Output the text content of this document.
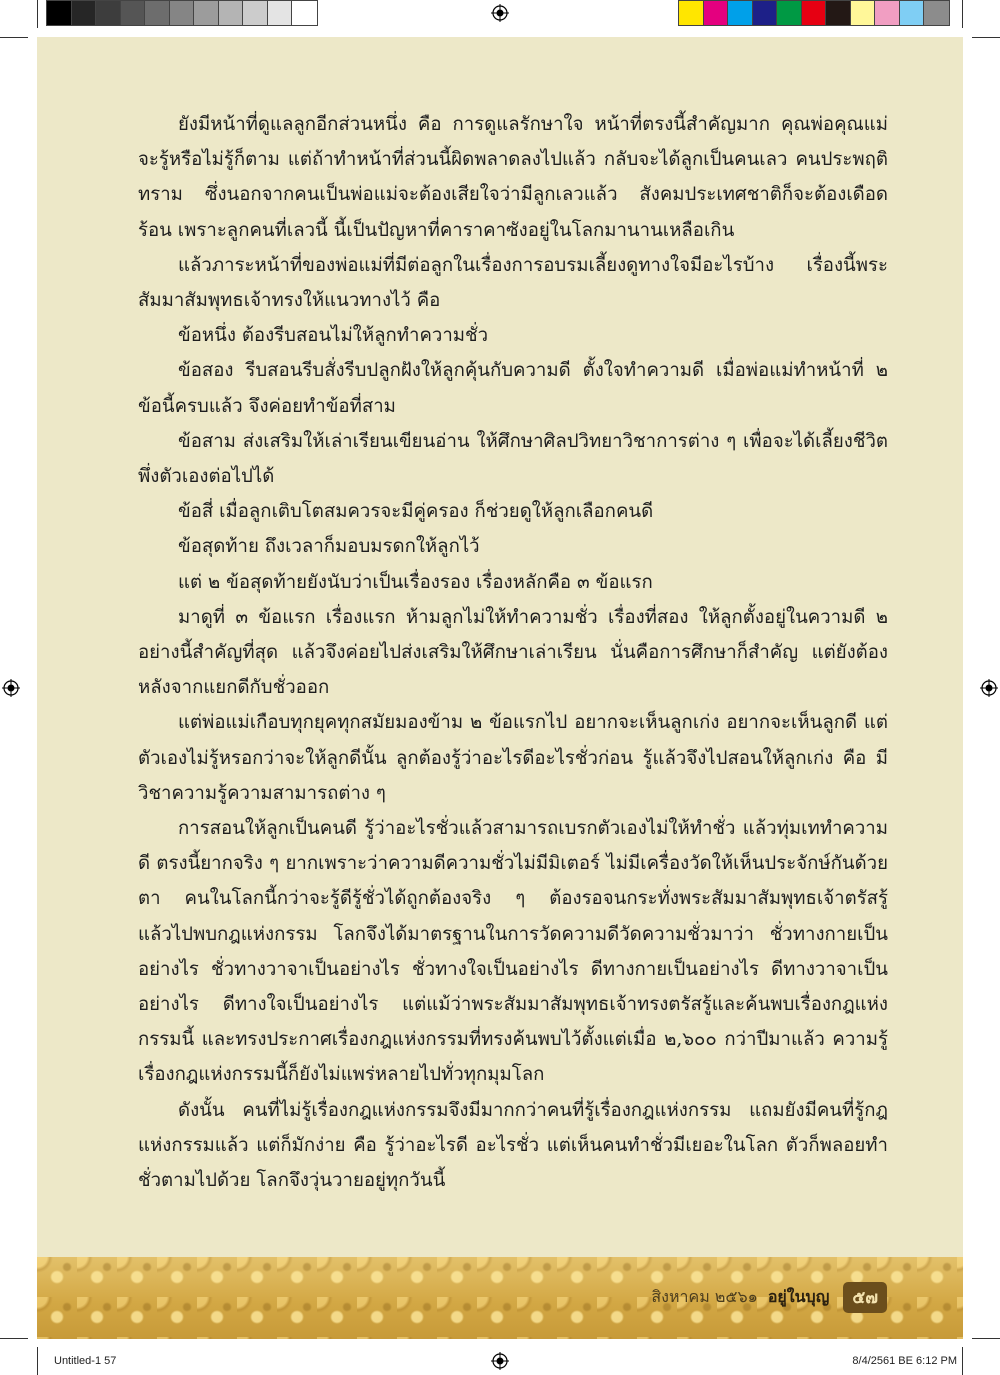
ยังมีหน้าที่ดูแลลูกอีกส่วนหนึ่ง คือ การดูแลรักษาใจ หน้าที่ตรงนี้สำคัญมาก คุณพ่อคุณแม่จะรู้หรือไม่รู้ก็ตาม แต่ถ้าทำหน้าที่ส่วนนี้ผิดพลาดลงไปแล้ว กลับจะได้ลูกเป็นคนเลว คนประพฤติทราม ซึ่งนอกจากคนเป็นพ่อแม่จะต้องเสียใจว่ามีลูกเลวแล้ว สังคมประเทศชาติก็จะต้องเดือดร้อน เพราะลูกคนที่เลวนี้ นี้เป็นปัญหาที่คาราคาซังอยู่ในโลกมานานเหลือเกิน

แล้วภาระหน้าที่ของพ่อแม่ที่มีต่อลูกในเรื่องการอบรมเลี้ยงดูทางใจมีอะไรบ้าง เรื่องนี้พระสัมมาสัมพุทธเจ้าทรงให้แนวทางไว้ คือ

ข้อหนึ่ง ต้องรีบสอนไม่ให้ลูกทำความชั่ว

ข้อสอง รีบสอนรีบสั่งรีบปลูกฝังให้ลูกคุ้นกับความดี ตั้งใจทำความดี เมื่อพ่อแม่ทำหน้าที่ ๒ ข้อนี้ครบแล้ว จึงค่อยทำข้อที่สาม

ข้อสาม ส่งเสริมให้เล่าเรียนเขียนอ่าน ให้ศึกษาศิลปวิทยาวิชาการต่าง ๆ เพื่อจะได้เลี้ยงชีวิตพึ่งตัวเองต่อไปได้

ข้อสี่ เมื่อลูกเติบโตสมควรจะมีคู่ครอง ก็ช่วยดูให้ลูกเลือกคนดี

ข้อสุดท้าย ถึงเวลาก็มอบมรดกให้ลูกไว้

แต่ ๒ ข้อสุดท้ายยังนับว่าเป็นเรื่องรอง เรื่องหลักคือ ๓ ข้อแรก

มาดูที่ ๓ ข้อแรก เรื่องแรก ห้ามลูกไม่ให้ทำความชั่ว เรื่องที่สอง ให้ลูกตั้งอยู่ในความดี ๒ อย่างนี้สำคัญที่สุด แล้วจึงค่อยไปส่งเสริมให้ศึกษาเล่าเรียน นั่นคือการศึกษาก็สำคัญ แต่ยังต้องหลังจากแยกดีกับชั่วออก

แต่พ่อแม่เกือบทุกยุคทุกสมัยมองข้าม ๒ ข้อแรกไป อยากจะเห็นลูกเก่ง อยากจะเห็นลูกดี แต่ตัวเองไม่รู้หรอกว่าจะให้ลูกดีนั้น ลูกต้องรู้ว่าอะไรดีอะไรชั่วก่อน รู้แล้วจึงไปสอนให้ลูกเก่ง คือ มีวิชาความรู้ความสามารถต่าง ๆ

การสอนให้ลูกเป็นคนดี รู้ว่าอะไรชั่วแล้วสามารถเบรกตัวเองไม่ให้ทำชั่ว แล้วทุ่มเททำความดี ตรงนี้ยากจริง ๆ ยากเพราะว่าความดีความชั่วไม่มีมิเตอร์ ไม่มีเครื่องวัดให้เห็นประจักษ์กันด้วยตา คนในโลกนี้กว่าจะรู้ดีรู้ชั่วได้ถูกต้องจริง ๆ ต้องรอจนกระทั่งพระสัมมาสัมพุทธเจ้าตรัสรู้แล้วไปพบกฎแห่งกรรม โลกจึงได้มาตรฐานในการวัดความดีวัดความชั่วมาว่า ชั่วทางกายเป็นอย่างไร ชั่วทางวาจาเป็นอย่างไร ชั่วทางใจเป็นอย่างไร ดีทางกายเป็นอย่างไร ดีทางวาจาเป็นอย่างไร ดีทางใจเป็นอย่างไร แต่แม้ว่าพระสัมมาสัมพุทธเจ้าทรงตรัสรู้และค้นพบเรื่องกฎแห่งกรรมนี้ และทรงประกาศเรื่องกฎแห่งกรรมที่ทรงค้นพบไว้ตั้งแต่เมื่อ ๒,๖๐๐ กว่าปีมาแล้ว ความรู้เรื่องกฎแห่งกรรมนี้ก็ยังไม่แพร่หลายไปทั่วทุกมุมโลก

ดังนั้น คนที่ไม่รู้เรื่องกฎแห่งกรรมจึงมีมากกว่าคนที่รู้เรื่องกฎแห่งกรรม แถมยังมีคนที่รู้กฎแห่งกรรมแล้ว แต่ก็มักง่าย คือ รู้ว่าอะไรดี อะไรชั่ว แต่เห็นคนทำชั่วมีเยอะในโลก ตัวก็พลอยทำชั่วตามไปด้วย โลกจึงวุ่นวายอยู่ทุกวันนี้

สิงหาคม ๒๕๖๑ อยู่ในบุญ	๕๗
Untitled-1 57	8/4/2561 BE 6:12 PM
